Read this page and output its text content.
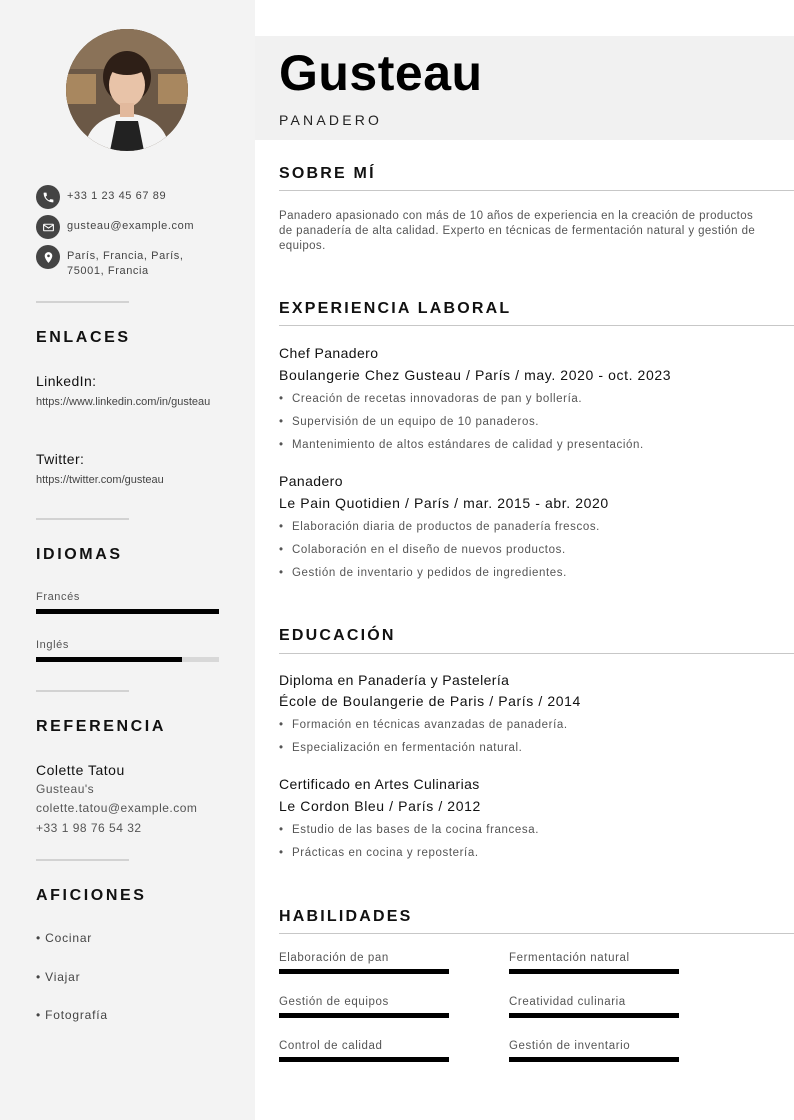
+33 1 23 45 67 89
gusteau@example.com
París, Francia, París, 75001, Francia
ENLACES
LinkedIn:
https://www.linkedin.com/in/gusteau
Twitter:
https://twitter.com/gusteau
IDIOMAS
Francés
Inglés
REFERENCIA
Colette Tatou
Gusteau's
colette.tatou@example.com
+33 1 98 76 54 32
AFICIONES
• Cocinar
• Viajar
• Fotografía
Gusteau
PANADERO
SOBRE MÍ
Panadero apasionado con más de 10 años de experiencia en la creación de productos de panadería de alta calidad. Experto en técnicas de fermentación natural y gestión de equipos.
EXPERIENCIA LABORAL
Chef Panadero
Boulangerie Chez Gusteau / París / may. 2020 - oct. 2023
• Creación de recetas innovadoras de pan y bollería.
• Supervisión de un equipo de 10 panaderos.
• Mantenimiento de altos estándares de calidad y presentación.
Panadero
Le Pain Quotidien / París / mar. 2015 - abr. 2020
• Elaboración diaria de productos de panadería frescos.
• Colaboración en el diseño de nuevos productos.
• Gestión de inventario y pedidos de ingredientes.
EDUCACIÓN
Diploma en Panadería y Pastelería
École de Boulangerie de Paris / París / 2014
• Formación en técnicas avanzadas de panadería.
• Especialización en fermentación natural.
Certificado en Artes Culinarias
Le Cordon Bleu / París / 2012
• Estudio de las bases de la cocina francesa.
• Prácticas en cocina y repostería.
HABILIDADES
Elaboración de pan	Fermentación natural
Gestión de equipos	Creatividad culinaria
Control de calidad	Gestión de inventario
